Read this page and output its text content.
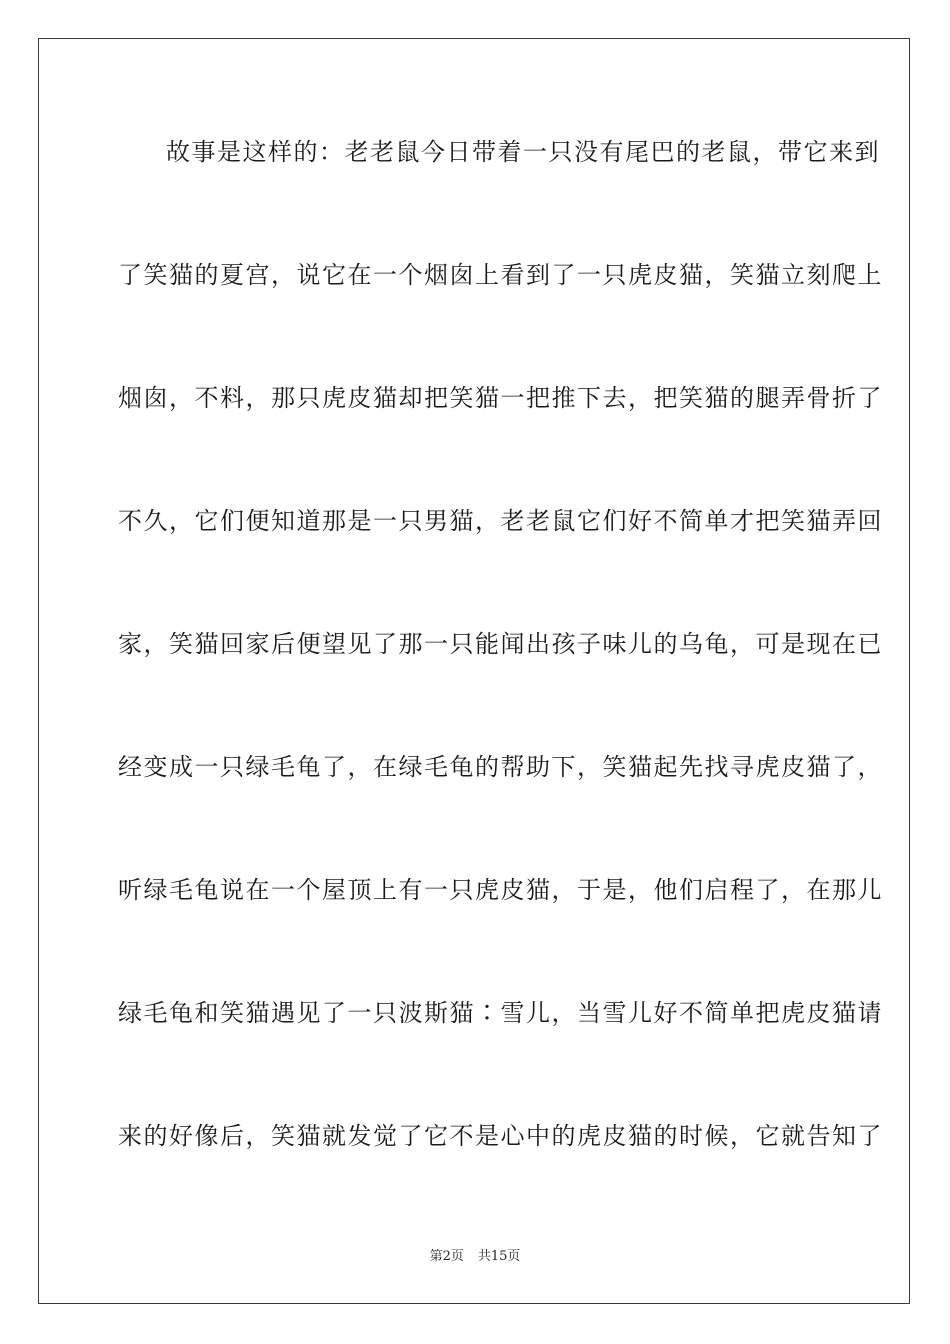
故事是这样的：老老鼠今日带着一只没有尾巴的老鼠，带它来到
了笑猫的夏宫，说它在一个烟囱上看到了一只虎皮猫，笑猫立刻爬上
烟囱，不料，那只虎皮猫却把笑猫一把推下去，把笑猫的腿弄骨折了
不久，它们便知道那是一只男猫，老老鼠它们好不简单才把笑猫弄回
家，笑猫回家后便望见了那一只能闻出孩子味儿的乌龟，可是现在已
经变成一只绿毛龟了，在绿毛龟的帮助下，笑猫起先找寻虎皮猫了，
听绿毛龟说在一个屋顶上有一只虎皮猫，于是，他们启程了，在那儿
绿毛龟和笑猫遇见了一只波斯猫∶雪儿，当雪儿好不简单把虎皮猫请
来的好像后，笑猫就发觉了它不是心中的虎皮猫的时候，它就告知了
第2页 共15页
